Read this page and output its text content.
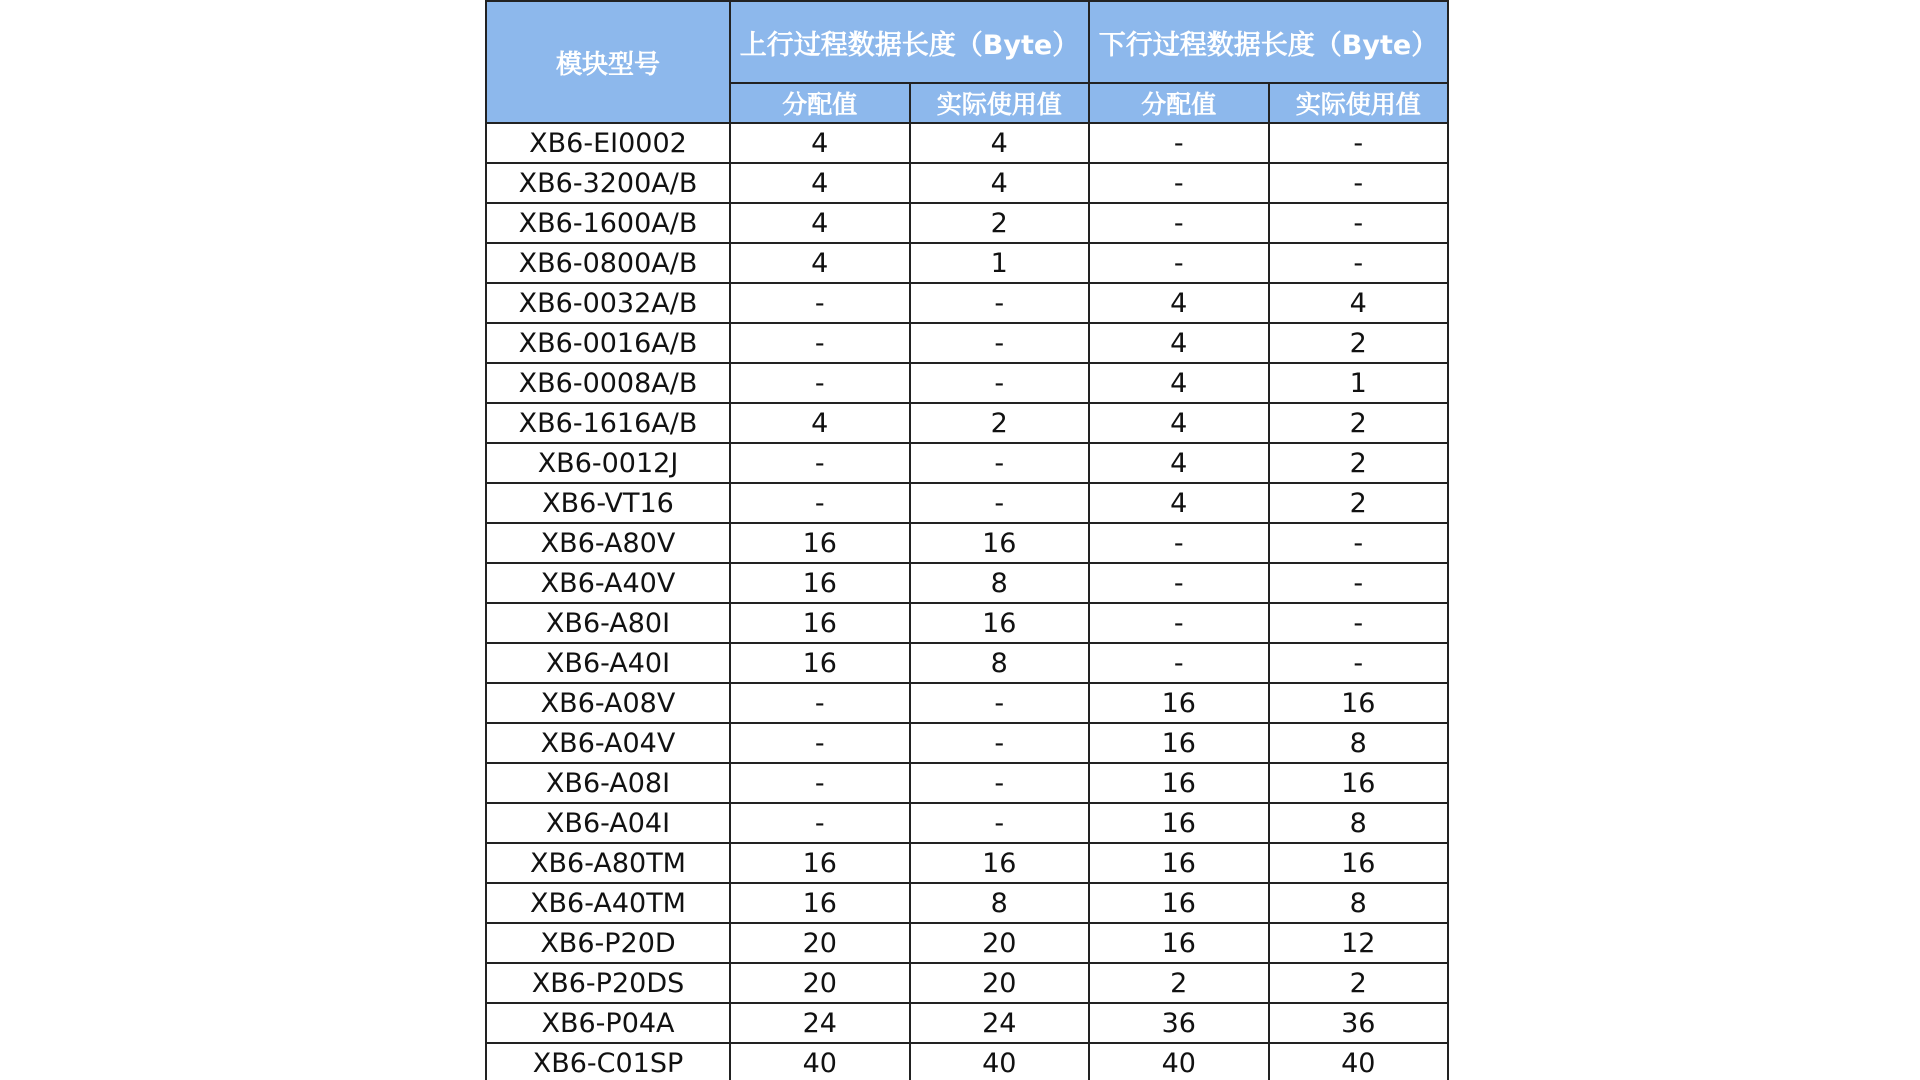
模块型号	上行过程数据长度（Byte）		下行过程数据长度（Byte）	
	分配值	实际使用值	分配值	实际使用值
XB6-EI0002	4	4	-	-
XB6-3200A/B	4	4	-	-
XB6-1600A/B	4	2	-	-
XB6-0800A/B	4	1	-	-
XB6-0032A/B	-	-	4	4
XB6-0016A/B	-	-	4	2
XB6-0008A/B	-	-	4	1
XB6-1616A/B	4	2	4	2
XB6-0012J	-	-	4	2
XB6-VT16	-	-	4	2
XB6-A80V	16	16	-	-
XB6-A40V	16	8	-	-
XB6-A80I	16	16	-	-
XB6-A40I	16	8	-	-
XB6-A08V	-	-	16	16
XB6-A04V	-	-	16	8
XB6-A08I	-	-	16	16
XB6-A04I	-	-	16	8
XB6-A80TM	16	16	16	16
XB6-A40TM	16	8	16	8
XB6-P20D	20	20	16	12
XB6-P20DS	20	20	2	2
XB6-P04A	24	24	36	36
XB6-C01SP	40	40	40	40
